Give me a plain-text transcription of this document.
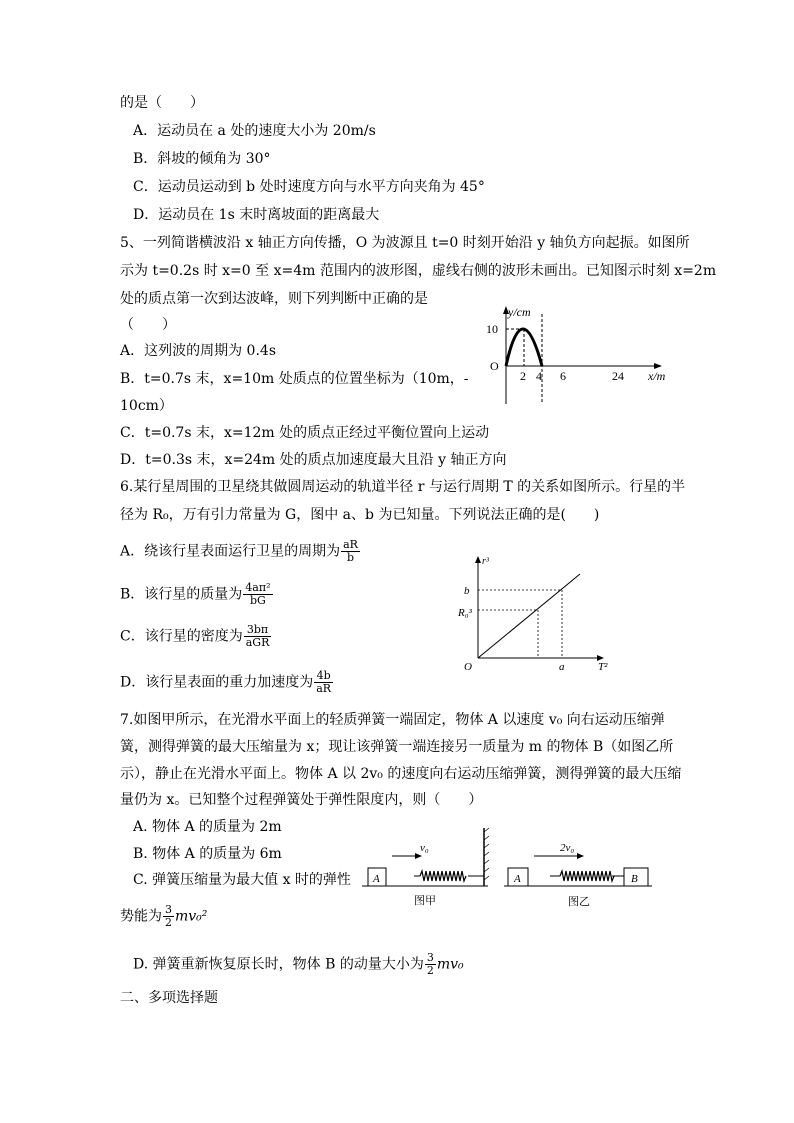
的是（　　）
A．运动员在 a 处的速度大小为 20m/s
B．斜坡的倾角为 30°
C．运动员运动到 b 处时速度方向与水平方向夹角为 45°
D．运动员在 1s 末时离坡面的距离最大
5、一列简谐横波沿 x 轴正方向传播，O 为波源且 t=0 时刻开始沿 y 轴负方向起振。如图所
示为 t=0.2s 时 x=0 至 x=4m 范围内的波形图，虚线右侧的波形未画出。已知图示时刻 x=2m
处的质点第一次到达波峰，则下列判断中正确的是
（　　）
A．这列波的周期为 0.4s
B．t=0.7s 末，x=10m 处质点的位置坐标为（10m，-
10cm）
C．t=0.7s 末，x=12m 处的质点正经过平衡位置向上运动
D．t=0.3s 末，x=24m 处的质点加速度最大且沿 y 轴正方向
y/cm
x/m
O
10
2 4 6	24
6.某行星周围的卫星绕其做圆周运动的轨道半径 r 与运行周期 T 的关系如图所示。行星的半
径为 R₀，万有引力常量为 G，图中 a、b 为已知量。下列说法正确的是(　　)
A．绕该行星表面运行卫星的周期为 $\frac{aR}{b}$
B．该行星的质量为 $\frac{\text{4aπ²}}{bG}$
C．该行星的密度为 $\frac{3b\pi}{\text{aGR}}$
D．该行星表面的重力加速度为 $\frac{4b}{aR}$
r³
T²
O
b
R₀³
a
7.如图甲所示，在光滑水平面上的轻质弹簧一端固定，物体 A 以速度 v₀ 向右运动压缩弹
簧，测得弹簧的最大压缩量为 x；现让该弹簧一端连接另一质量为 m 的物体 B（如图乙所
示），静止在光滑水平面上。物体 A 以 2v₀ 的速度向右运动压缩弹簧，测得弹簧的最大压缩
量仍为 x。已知整个过程弹簧处于弹性限度内，则（　　）
A. 物体 A 的质量为 2m
B. 物体 A 的质量为 6m
C. 弹簧压缩量为最大值 x 时的弹性
势能为 $\frac{3}{2} mv_0^2$
D. 弹簧重新恢复原长时，物体 B 的动量大小为 $\frac{3}{2} mv_0$
A
v₀
图甲
A	B
2v₀
图乙
二、多项选择题
